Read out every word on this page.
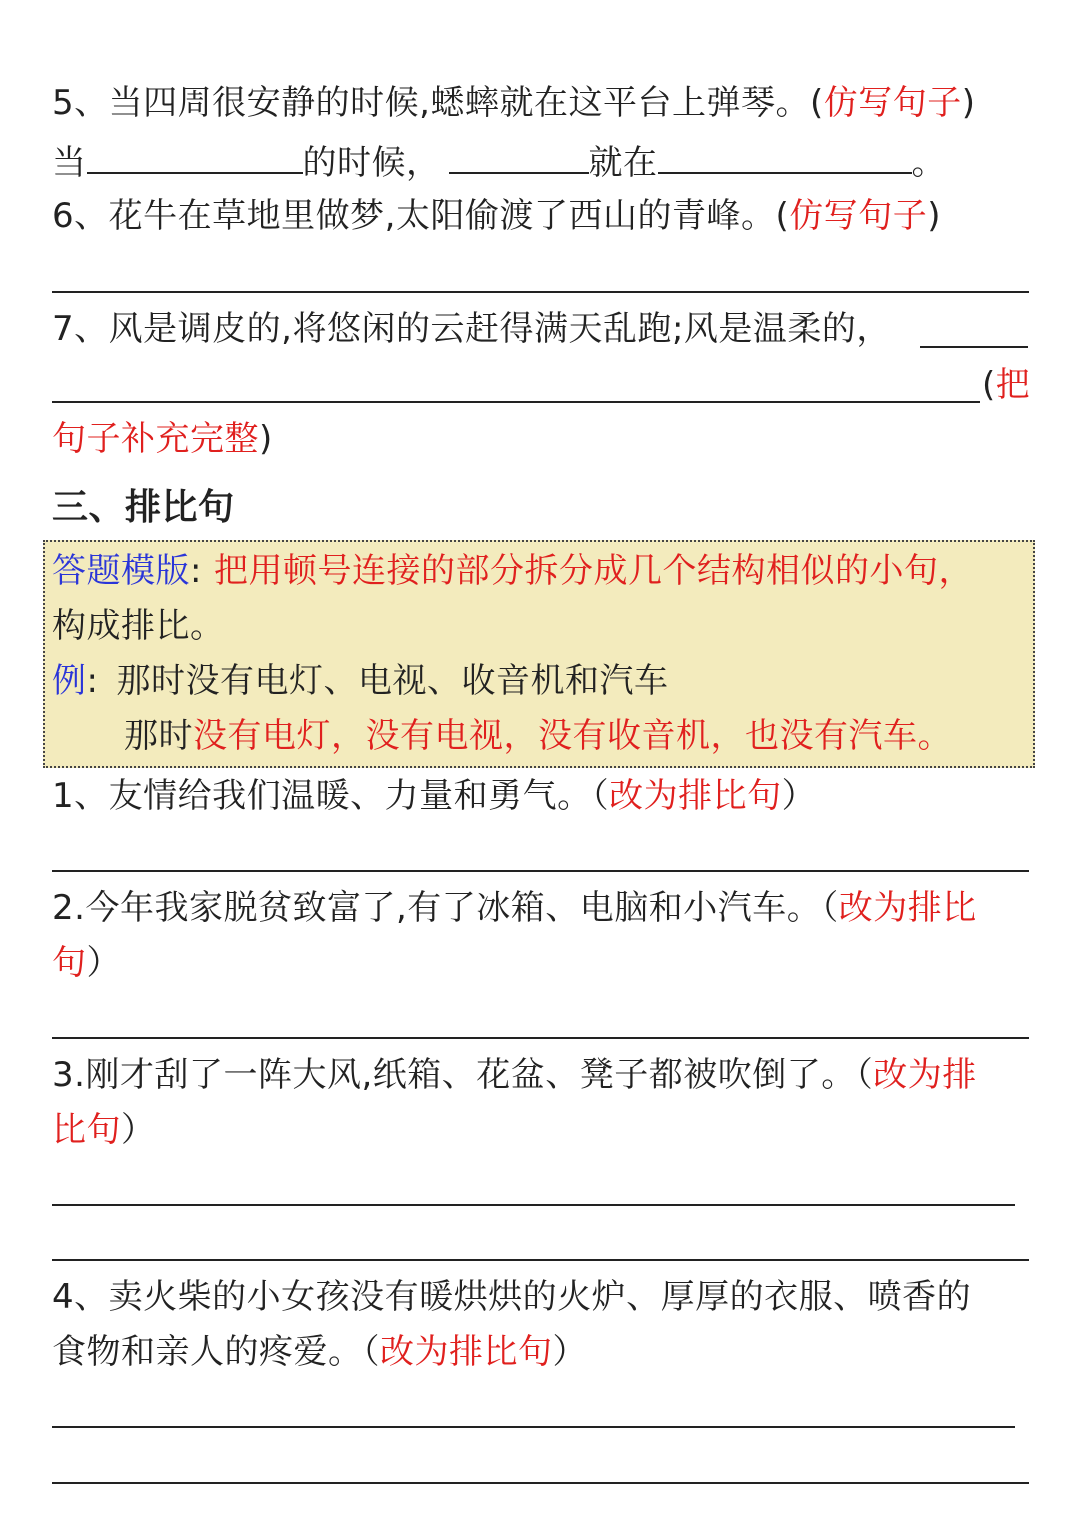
5、当四周很安静的时候,蟋蟀就在这平台上弹琴。(仿写句子)
当	的时候，	就在	。
6、花牛在草地里做梦,太阳偷渡了西山的青峰。(仿写句子)
7、风是调皮的,将悠闲的云赶得满天乱跑;风是温柔的，
(把
句子补充完整)
三、排比句
答题模版: 把用顿号连接的部分拆分成几个结构相似的小句，
构成排比。
例: 那时没有电灯、电视、收音机和汽车
那时没有电灯，没有电视，没有收音机，也没有汽车。
1、友情给我们温暖、力量和勇气。（改为排比句）
2.今年我家脱贫致富了,有了冰箱、电脑和小汽车。（改为排比
句）
3.刚才刮了一阵大风,纸箱、花盆、凳子都被吹倒了。（改为排
比句）
4、卖火柴的小女孩没有暖烘烘的火炉、厚厚的衣服、喷香的
食物和亲人的疼爱。（改为排比句）
